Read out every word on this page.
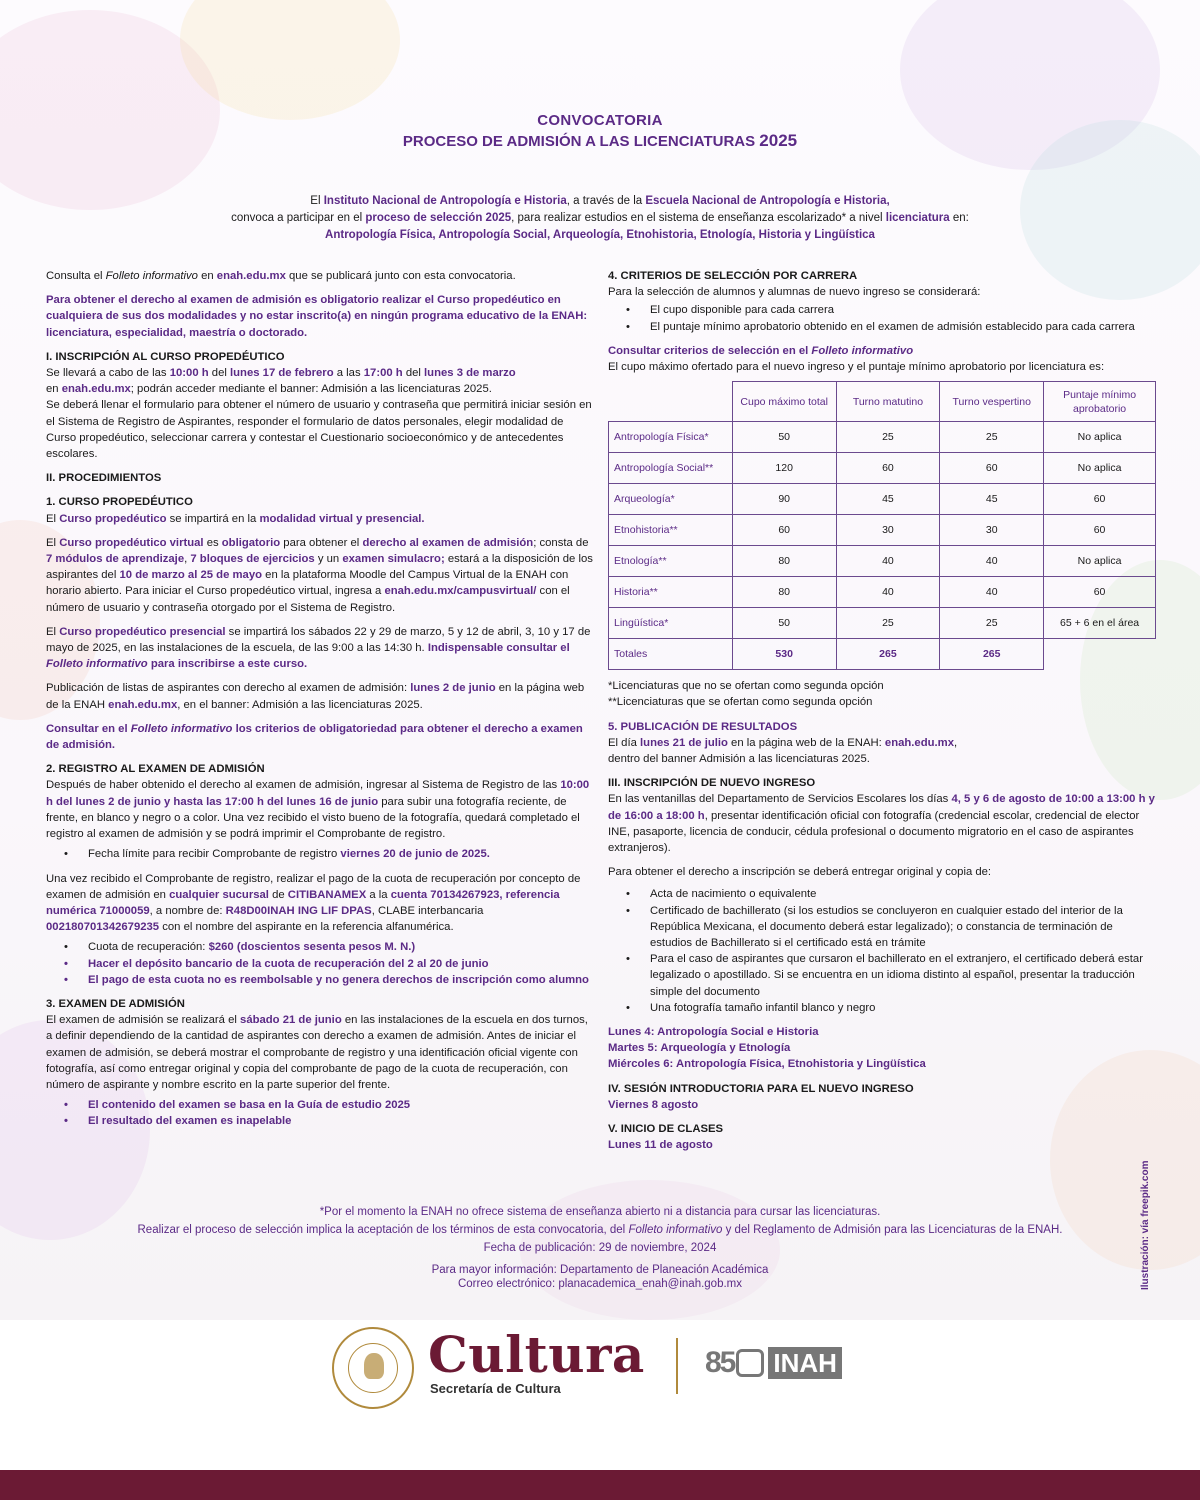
CONVOCATORIA
PROCESO DE ADMISIÓN A LAS LICENCIATURAS 2025
El Instituto Nacional de Antropología e Historia, a través de la Escuela Nacional de Antropología e Historia,
convoca a participar en el proceso de selección 2025, para realizar estudios en el sistema de enseñanza escolarizado* a nivel licenciatura en:
Antropología Física, Antropología Social, Arqueología, Etnohistoria, Etnología, Historia y Lingüística

Consulta el Folleto informativo en enah.edu.mx que se publicará junto con esta convocatoria.

Para obtener el derecho al examen de admisión es obligatorio realizar el Curso propedéutico en cualquiera de sus dos modalidades y no estar inscrito(a) en ningún programa educativo de la ENAH: licenciatura, especialidad, maestría o doctorado.

I. INSCRIPCIÓN AL CURSO PROPEDÉUTICO
Se llevará a cabo de las 10:00 h del lunes 17 de febrero a las 17:00 h del lunes 3 de marzo
en enah.edu.mx; podrán acceder mediante el banner: Admisión a las licenciaturas 2025.

Se deberá llenar el formulario para obtener el número de usuario y contraseña que permitirá iniciar sesión en el Sistema de Registro de Aspirantes, responder el formulario de datos personales, elegir modalidad de Curso propedéutico, seleccionar carrera y contestar el Cuestionario socioeconómico y de antecedentes escolares.

II. PROCEDIMIENTOS

1. CURSO PROPEDÉUTICO

El Curso propedéutico se impartirá en la modalidad virtual y presencial.

El Curso propedéutico virtual es obligatorio para obtener el derecho al examen de admisión; consta de 7 módulos de aprendizaje, 7 bloques de ejercicios y un examen simulacro; estará a la disposición de los aspirantes del 10 de marzo al 25 de mayo en la plataforma Moodle del Campus Virtual de la ENAH con horario abierto. Para iniciar el Curso propedéutico virtual, ingresa a enah.edu.mx/campusvirtual/ con el número de usuario y contraseña otorgado por el Sistema de Registro.

El Curso propedéutico presencial se impartirá los sábados 22 y 29 de marzo, 5 y 12 de abril, 3, 10 y 17 de mayo de 2025, en las instalaciones de la escuela, de las 9:00 a las 14:30 h. Indispensable consultar el Folleto informativo para inscribirse a este curso.

Publicación de listas de aspirantes con derecho al examen de admisión: lunes 2 de junio en la página web de la ENAH enah.edu.mx, en el banner: Admisión a las licenciaturas 2025.

Consultar en el Folleto informativo los criterios de obligatoriedad para obtener el derecho a examen de admisión.

2. REGISTRO AL EXAMEN DE ADMISIÓN

Después de haber obtenido el derecho al examen de admisión, ingresar al Sistema de Registro de las 10:00 h del lunes 2 de junio y hasta las 17:00 h del lunes 16 de junio para subir una fotografía reciente, de frente, en blanco y negro o a color. Una vez recibido el visto bueno de la fotografía, quedará completado el registro al examen de admisión y se podrá imprimir el Comprobante de registro.

• Fecha límite para recibir Comprobante de registro viernes 20 de junio de 2025.

Una vez recibido el Comprobante de registro, realizar el pago de la cuota de recuperación por concepto de examen de admisión en cualquier sucursal de CITIBANAMEX a la cuenta 70134267923, referencia numérica 71000059, a nombre de: R48D00INAH ING LIF DPAS, CLABE interbancaria 002180701342679235 con el nombre del aspirante en la referencia alfanumérica.

• Cuota de recuperación: $260 (doscientos sesenta pesos M. N.)
• Hacer el depósito bancario de la cuota de recuperación del 2 al 20 de junio
• El pago de esta cuota no es reembolsable y no genera derechos de inscripción como alumno
3. EXAMEN DE ADMISIÓN

El examen de admisión se realizará el sábado 21 de junio en las instalaciones de la escuela en dos turnos, a definir dependiendo de la cantidad de aspirantes con derecho a examen de admisión. Antes de iniciar el examen de admisión, se deberá mostrar el comprobante de registro y una identificación oficial vigente con fotografía, así como entregar original y copia del comprobante de pago de la cuota de recuperación, con número de aspirante y nombre escrito en la parte superior del frente.

• El contenido del examen se basa en la Guía de estudio 2025
• El resultado del examen es inapelable
4. CRITERIOS DE SELECCIÓN POR CARRERA
Para la selección de alumnos y alumnas de nuevo ingreso se considerará:
• El cupo disponible para cada carrera
• El puntaje mínimo aprobatorio obtenido en el examen de admisión establecido para cada carrera
Consultar criterios de selección en el Folleto informativo
El cupo máximo ofertado para el nuevo ingreso y el puntaje mínimo aprobatorio por licenciatura es:
	Cupo máximo total	Turno matutino	Turno vespertino	Puntaje mínimo aprobatorio
Antropología Física*	50	25	25	No aplica
Antropología Social**	120	60	60	No aplica
Arqueología*	90	45	45	60
Etnohistoria**	60	30	30	60
Etnología**	80	40	40	No aplica
Historia**	80	40	40	60
Lingüística*	50	25	25	65 + 6 en el área
Totales	530	265	265	
*Licenciaturas que no se ofertan como segunda opción

**Licenciaturas que se ofertan como segunda opción

5. PUBLICACIÓN DE RESULTADOS
El día lunes 21 de julio en la página web de la ENAH: enah.edu.mx,

dentro del banner Admisión a las licenciaturas 2025.

III. INSCRIPCIÓN DE NUEVO INGRESO

En las ventanillas del Departamento de Servicios Escolares los días 4, 5 y 6 de agosto de 10:00 a 13:00 h y de 16:00 a 18:00 h, presentar identificación oficial con fotografía (credencial escolar, credencial de elector INE, pasaporte, licencia de conducir, cédula profesional o documento migratorio en el caso de aspirantes extranjeros).

Para obtener el derecho a inscripción se deberá entregar original y copia de:
• Acta de nacimiento o equivalente
• Certificado de bachillerato (si los estudios se concluyeron en cualquier estado del interior de la República Mexicana, el documento deberá estar legalizado); o constancia de terminación de estudios de Bachillerato si el certificado está en trámite
• Para el caso de aspirantes que cursaron el bachillerato en el extranjero, el certificado deberá estar legalizado o apostillado. Si se encuentra en un idioma distinto al español, presentar la traducción simple del documento
• Una fotografía tamaño infantil blanco y negro
Lunes 4: Antropología Social e Historia
Martes 5: Arqueología y Etnología

Miércoles 6: Antropología Física, Etnohistoria y Lingüística

IV. SESIÓN INTRODUCTORIA PARA EL NUEVO INGRESO

Viernes 8 agosto

V. INICIO DE CLASES
Lunes 11 de agosto
*Por el momento la ENAH no ofrece sistema de enseñanza abierto ni a distancia para cursar las licenciaturas.
Realizar el proceso de selección implica la aceptación de los términos de esta convocatoria, del Folleto informativo y del Reglamento de Admisión para las Licenciaturas de la ENAH.
Fecha de publicación: 29 de noviembre, 2024
Para mayor información: Departamento de Planeación Académica
Correo electrónico: planacademica_enah@inah.gob.mx	Ilustración: vía freepik.com
Cultura
Secretaría de Cultura
85 INAH
